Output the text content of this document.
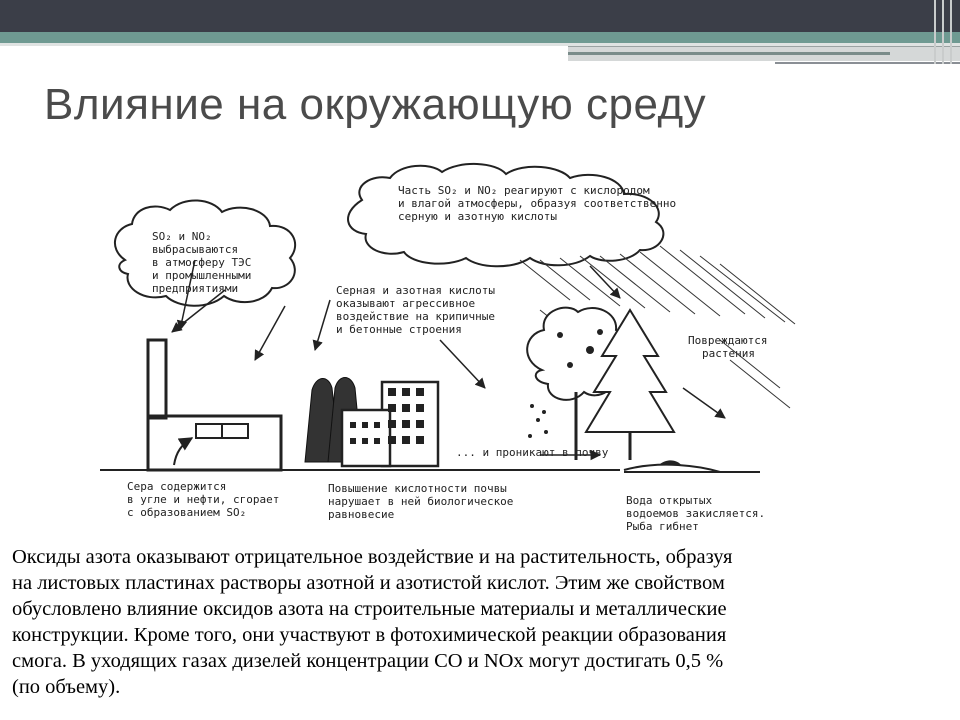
Влияние на окружающую среду
SO₂ и NO₂
выбрасываются
в атмосферу ТЭС
и промышленными
предприятиями
Часть SO₂ и NO₂ реагируют с кислородом
и влагой атмосферы, образуя соответственно
серную и азотную кислоты
Серная и азотная кислоты
оказывают агрессивное
воздействие на крипичные
и бетонные строения
Повреждаются
растения
... и проникают в почву
Сера содержится
в угле и нефти, сгорает
с образованием SO₂
Повышение кислотности почвы
нарушает в ней биологическое
равновесие
Вода открытых
водоемов закисляется.
Рыба гибнет
Оксиды азота оказывают отрицательное воздействие и на растительность, образуя
на листовых пластинах растворы азотной и азотистой кислот. Этим же свойством
обусловлено влияние оксидов азота на строительные материалы и металлические
конструкции. Кроме того, они участвуют в фотохимической реакции образования
смога. В уходящих газах дизелей концентрации CO и NOx могут достигать 0,5 %
(по объему).
